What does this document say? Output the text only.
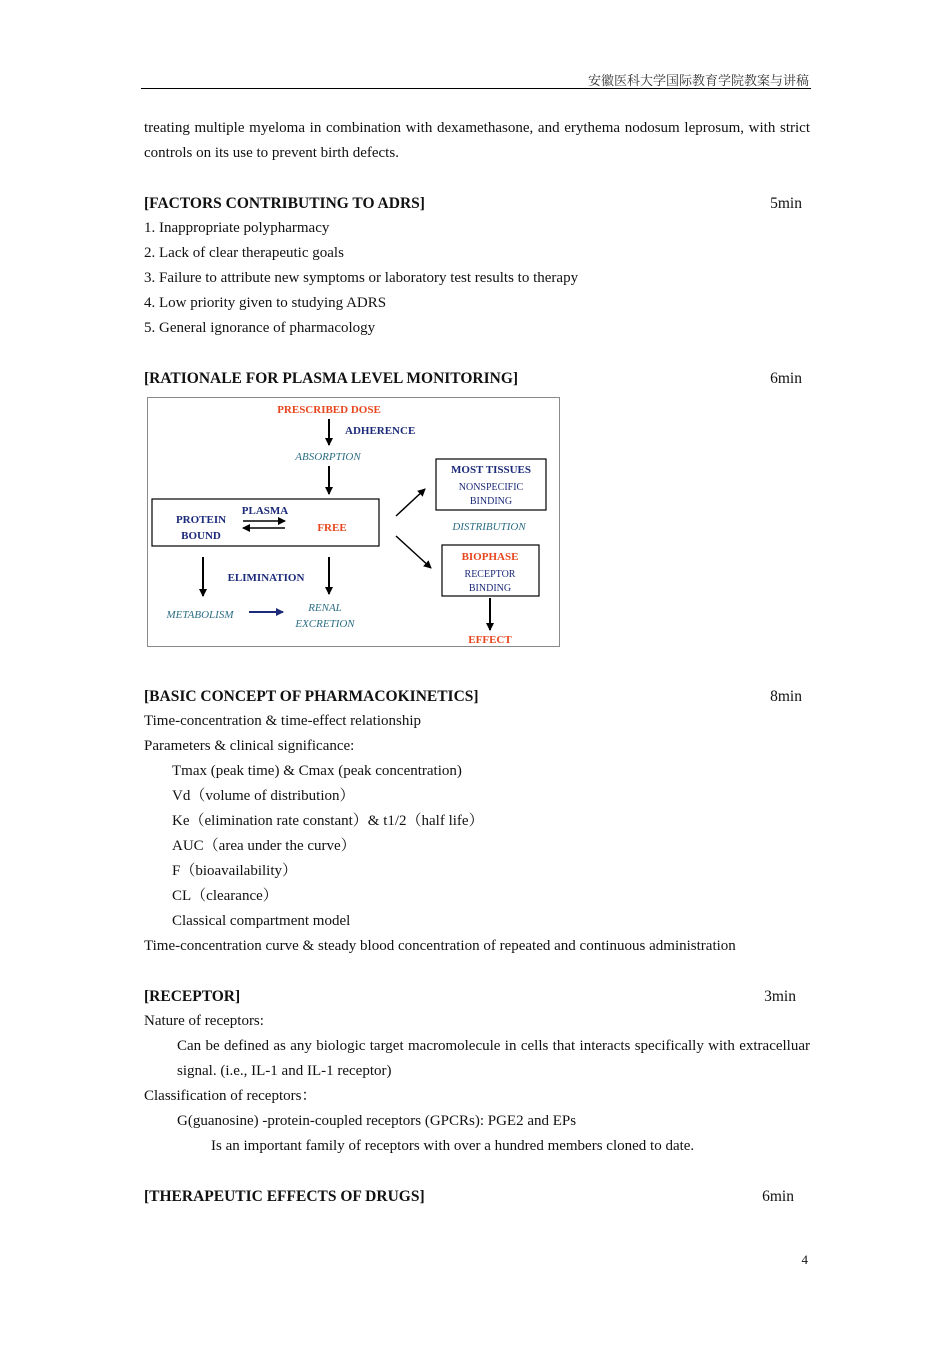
安徽医科大学国际教育学院教案与讲稿

treating multiple myeloma in combination with dexamethasone, and erythema nodosum leprosum, with strict controls on its use to prevent birth defects.

[FACTORS CONTRIBUTING TO ADRS]	5min

1. Inappropriate polypharmacy

2. Lack of clear therapeutic goals

3. Failure to attribute new symptoms or laboratory test results to therapy

4. Low priority given to studying ADRS

5. General ignorance of pharmacology

[RATIONALE FOR PLASMA LEVEL MONITORING]	6min
PRESCRIBED DOSE
ADHERENCE
ABSORPTION
MOST TISSUES
NONSPECIFIC
BINDING
PLASMA
PROTEIN
BOUND
FREE	DISTRIBUTION
BIOPHASE
RECEPTOR
BINDING
EFFECT
ELIMINATION
METABOLISM
RENAL
EXCRETION
[BASIC CONCEPT OF PHARMACOKINETICS]	8min

Time-concentration & time-effect relationship

Parameters & clinical significance:

Tmax (peak time) & Cmax (peak concentration)

Vd（volume of distribution）

Ke（elimination rate constant）& t1/2（half life）

AUC（area under the curve）

F（bioavailability）

CL（clearance）

Classical compartment model

Time-concentration curve & steady blood concentration of repeated and continuous administration

[RECEPTOR]	3min

Nature of receptors:

Can be defined as any biologic target macromolecule in cells that interacts specifically with extracelluar signal. (i.e., IL-1 and IL-1 receptor)

Classification of receptors：

G(guanosine) -protein-coupled receptors (GPCRs): PGE2 and EPs

Is an important family of receptors with over a hundred members cloned to date.

[THERAPEUTIC EFFECTS OF DRUGS]	6min
4
